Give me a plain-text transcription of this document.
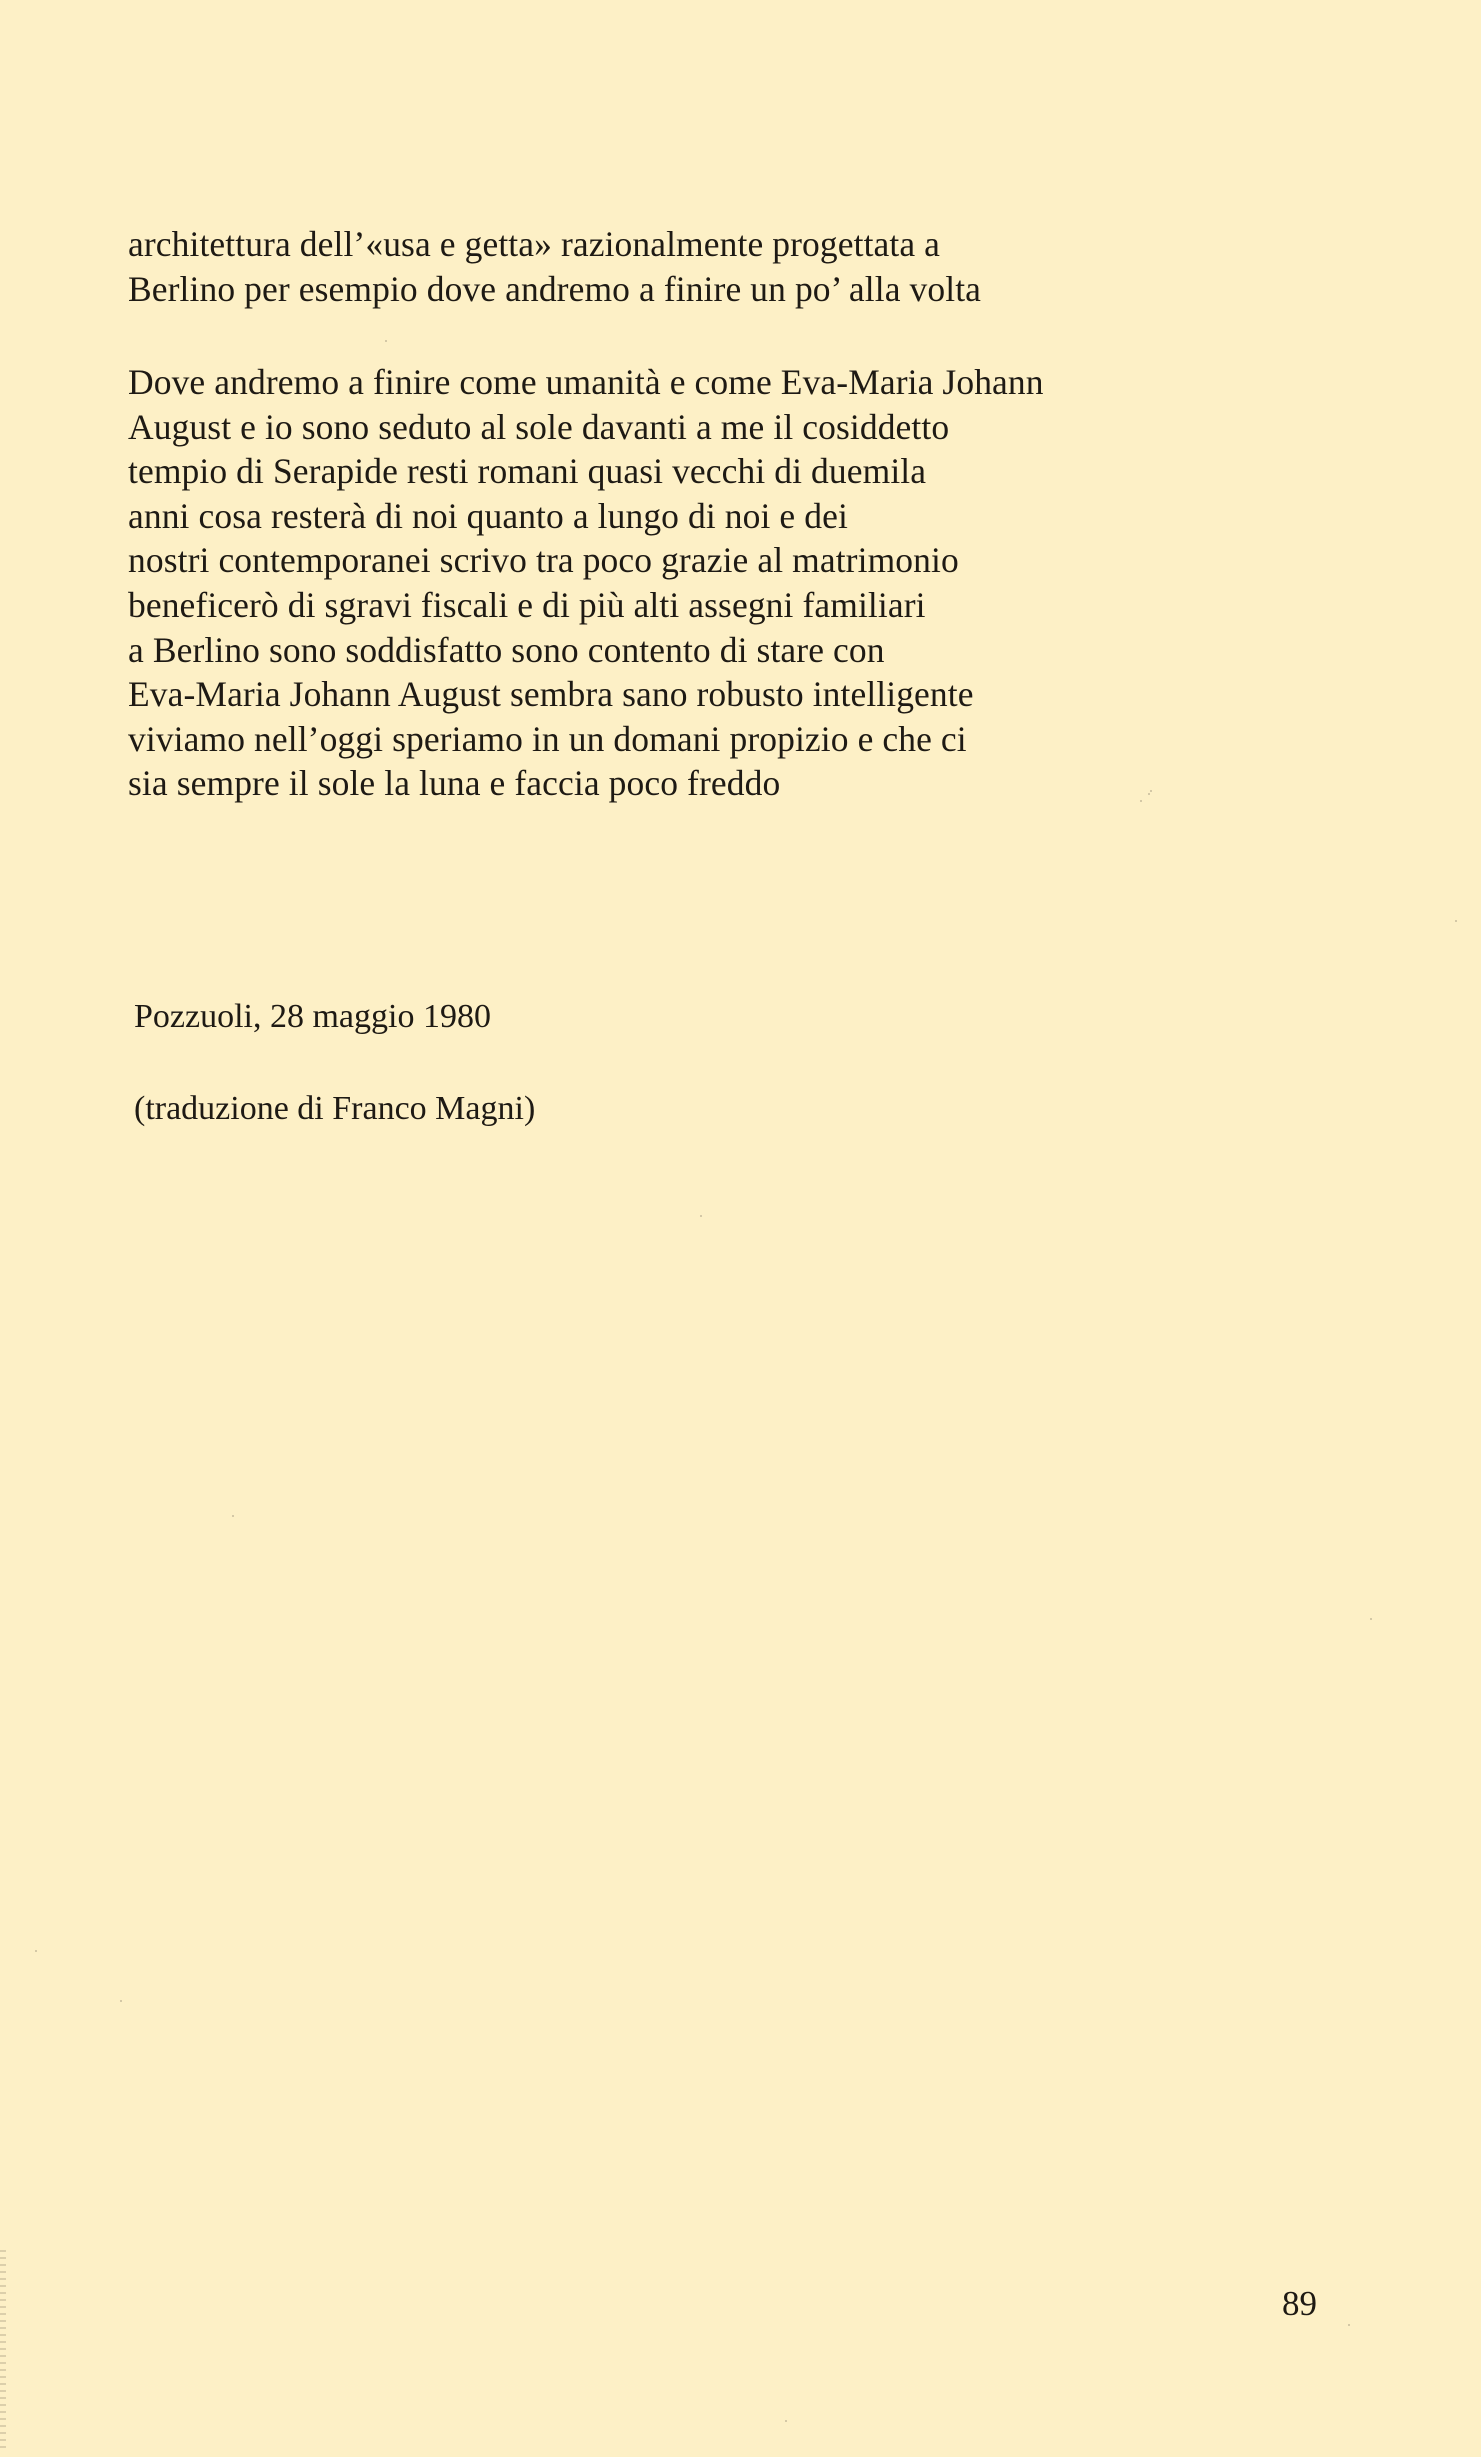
architettura dell’«usa e getta» razionalmente progettata a
Berlino per esempio dove andremo a finire un po’ alla volta
Dove andremo a finire come umanità e come Eva-Maria Johann
August e io sono seduto al sole davanti a me il cosiddetto
tempio di Serapide resti romani quasi vecchi di duemila
anni cosa resterà di noi quanto a lungo di noi e dei
nostri contemporanei scrivo tra poco grazie al matrimonio
beneficerò di sgravi fiscali e di più alti assegni familiari
a Berlino sono soddisfatto sono contento di stare con
Eva-Maria Johann August sembra sano robusto intelligente
viviamo nell’oggi speriamo in un domani propizio e che ci
sia sempre il sole la luna e faccia poco freddo
Pozzuoli, 28 maggio 1980
(traduzione di Franco Magni)
89
